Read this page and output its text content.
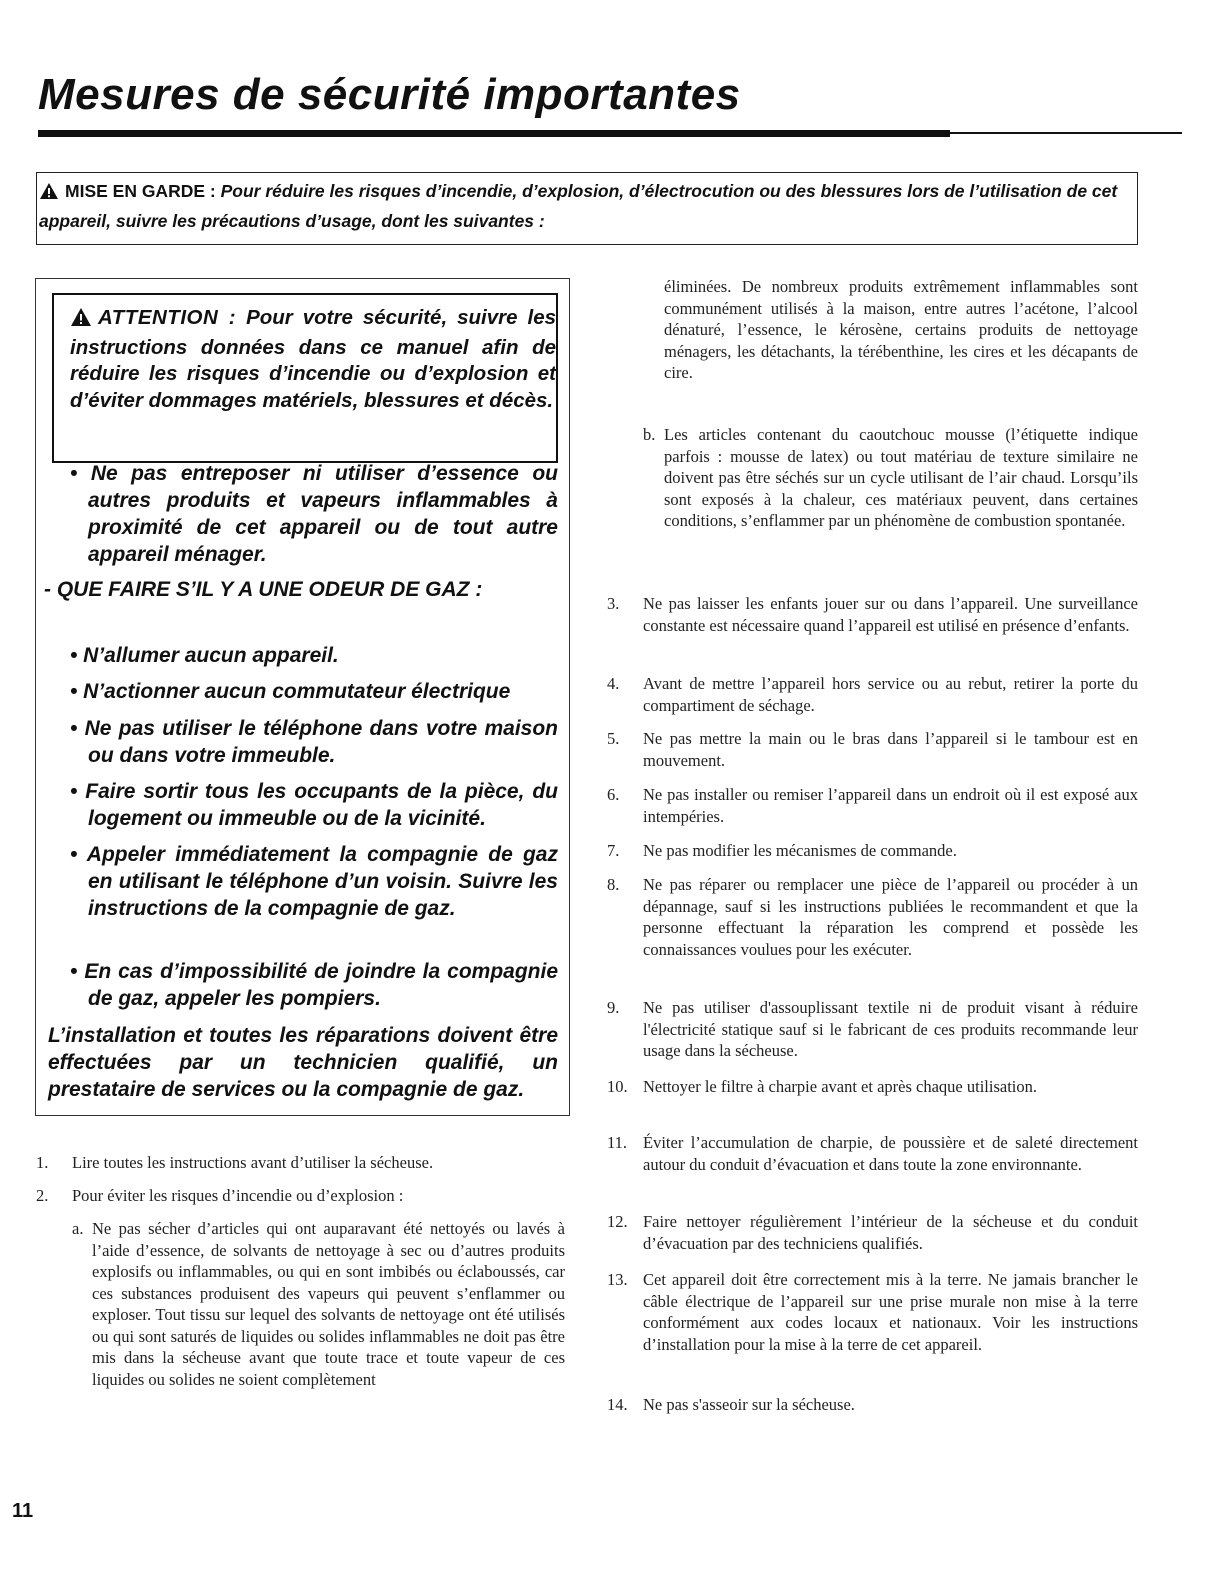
Mesures de sécurité importantes

MISE EN GARDE : Pour réduire les risques d’incendie, d’explosion, d’électrocution ou des blessures lors de l’utilisation de cet appareil, suivre les précautions d’usage, dont les suivantes :

ATTENTION : Pour votre sécurité, suivre les instructions données dans ce manuel afin de réduire les risques d’incendie ou d’explosion et d’éviter dommages matériels, blessures et décès.

• Ne pas entreposer ni utiliser d’essence ou autres produits et vapeurs inflammables à proximité de cet appareil ou de tout autre appareil ménager.

- QUE FAIRE S’IL Y A UNE ODEUR DE GAZ :

• N’allumer aucun appareil.

• N’actionner aucun commutateur électrique

• Ne pas utiliser le téléphone dans votre maison ou dans votre immeuble.

• Faire sortir tous les occupants de la pièce, du logement ou immeuble ou de la vicinité.

• Appeler immédiatement la compagnie de gaz en utilisant le téléphone d’un voisin. Suivre les instructions de la compagnie de gaz.

• En cas d’impossibilité de joindre la compagnie de gaz, appeler les pompiers.

L’installation et toutes les réparations doivent être effectuées par un technicien qualifié, un prestataire de services ou la compagnie de gaz.

1. Lire toutes les instructions avant d’utiliser la sécheuse.

2. Pour éviter les risques d’incendie ou d’explosion :

a. Ne pas sécher d’articles qui ont auparavant été nettoyés ou lavés à l’aide d’essence, de solvants de nettoyage à sec ou d’autres produits explosifs ou inflammables, ou qui en sont imbibés ou éclaboussés, car ces substances produisent des vapeurs qui peuvent s’enflammer ou exploser. Tout tissu sur lequel des solvants de nettoyage ont été utilisés ou qui sont saturés de liquides ou solides inflammables ne doit pas être mis dans la sécheuse avant que toute trace et toute vapeur de ces liquides ou solides ne soient complètement

éliminées. De nombreux produits extrêmement inflammables sont communément utilisés à la maison, entre autres l’acétone, l’alcool dénaturé, l’essence, le kérosène, certains produits de nettoyage ménagers, les détachants, la térébenthine, les cires et les décapants de cire.

b. Les articles contenant du caoutchouc mousse (l’étiquette indique parfois : mousse de latex) ou tout matériau de texture similaire ne doivent pas être séchés sur un cycle utilisant de l’air chaud. Lorsqu’ils sont exposés à la chaleur, ces matériaux peuvent, dans certaines conditions, s’enflammer par un phénomène de combustion spontanée.

3. Ne pas laisser les enfants jouer sur ou dans l’appareil. Une surveillance constante est nécessaire quand l’appareil est utilisé en présence d’enfants.

4. Avant de mettre l’appareil hors service ou au rebut, retirer la porte du compartiment de séchage.

5. Ne pas mettre la main ou le bras dans l’appareil si le tambour est en mouvement.

6. Ne pas installer ou remiser l’appareil dans un endroit où il est exposé aux intempéries.

7. Ne pas modifier les mécanismes de commande.

8. Ne pas réparer ou remplacer une pièce de l’appareil ou procéder à un dépannage, sauf si les instructions publiées le recommandent et que la personne effectuant la réparation les comprend et possède les connaissances voulues pour les exécuter.

9. Ne pas utiliser d'assouplissant textile ni de produit visant à réduire l'électricité statique sauf si le fabricant de ces produits recommande leur usage dans la sécheuse.

10. Nettoyer le filtre à charpie avant et après chaque utilisation.

11. Éviter l’accumulation de charpie, de poussière et de saleté directement autour du conduit d’évacuation et dans toute la zone environnante.

12. Faire nettoyer régulièrement l’intérieur de la sécheuse et du conduit d’évacuation par des techniciens qualifiés.

13. Cet appareil doit être correctement mis à la terre. Ne jamais brancher le câble électrique de l’appareil sur une prise murale non mise à la terre conformément aux codes locaux et nationaux. Voir les instructions d’installation pour la mise à la terre de cet appareil.

14. Ne pas s'asseoir sur la sécheuse.

11
